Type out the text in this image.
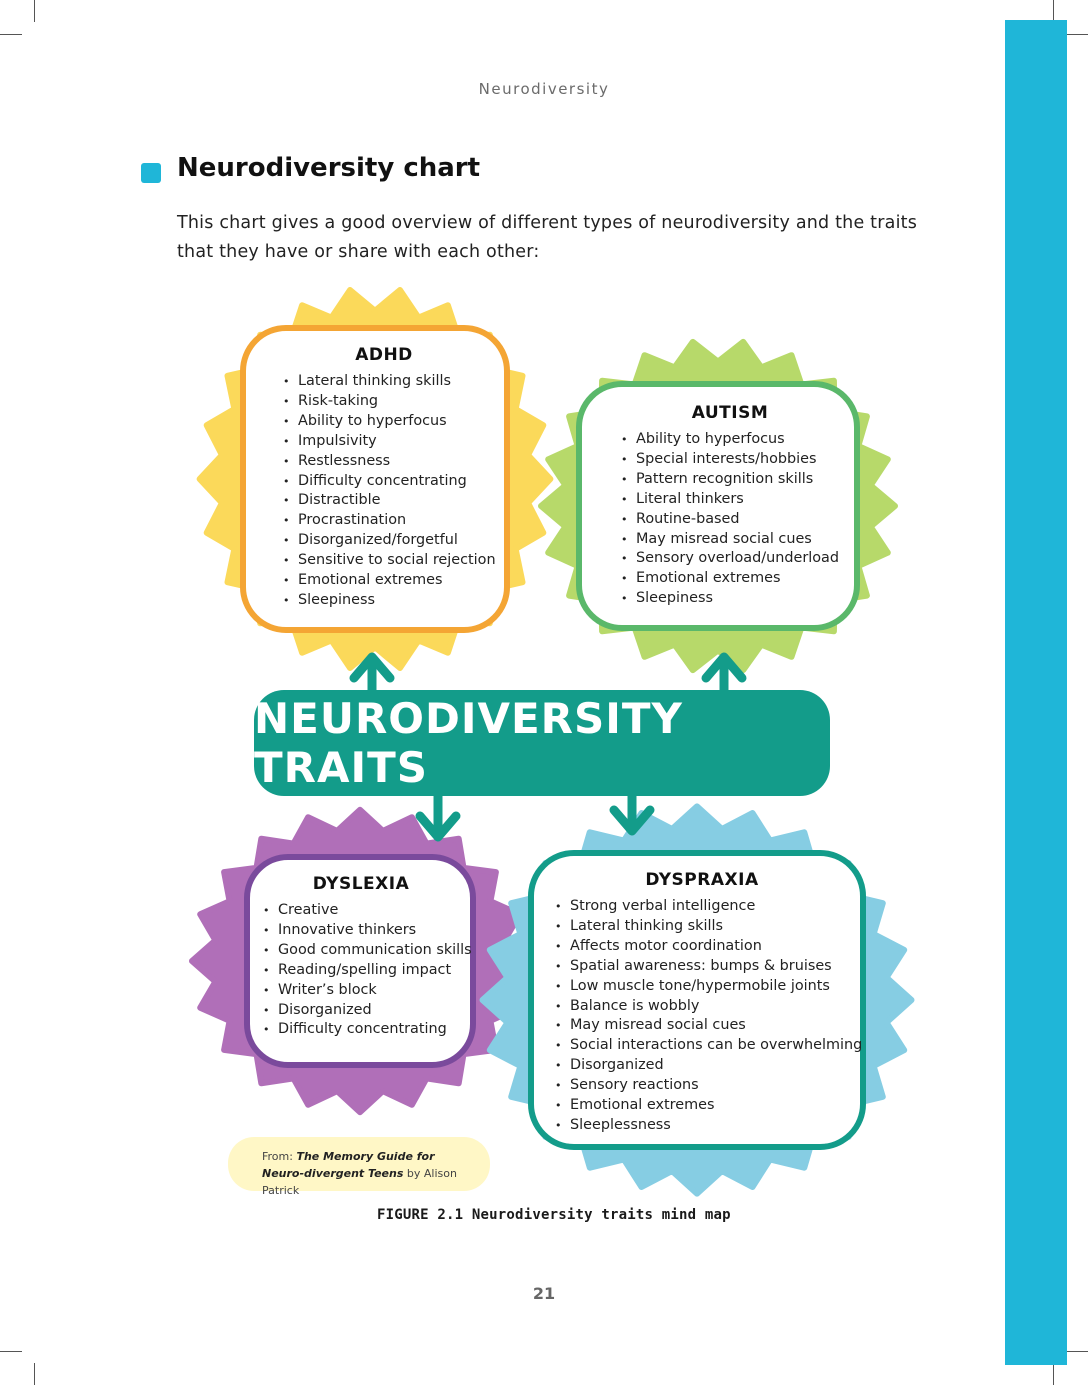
Neurodiversity
Neurodiversity chart

This chart gives a good overview of different types of neurodiversity and the traits that they have or share with each other:

ADHD
• Lateral thinking skills
• Risk-taking
• Ability to hyperfocus
• Impulsivity
• Restlessness
• Difficulty concentrating
• Distractible
• Procrastination
• Disorganized/forgetful
• Sensitive to social rejection
• Emotional extremes
• Sleepiness
AUTISM
• Ability to hyperfocus
• Special interests/hobbies
• Pattern recognition skills
• Literal thinkers
• Routine-based
• May misread social cues
• Sensory overload/underload
• Emotional extremes
• Sleepiness
NEURODIVERSITY TRAITS
DYSLEXIA
• Creative
• Innovative thinkers
• Good communication skills
• Reading/spelling impact
• Writer’s block
• Disorganized
• Difficulty concentrating
DYSPRAXIA
• Strong verbal intelligence
• Lateral thinking skills
• Affects motor coordination
• Spatial awareness: bumps & bruises
• Low muscle tone/hypermobile joints
• Balance is wobbly
• May misread social cues
• Social interactions can be overwhelming
• Disorganized
• Sensory reactions
• Emotional extremes
• Sleeplessness
From: The Memory Guide for Neuro-divergent Teens by Alison Patrick
FIGURE 2.1 Neurodiversity traits mind map
21
